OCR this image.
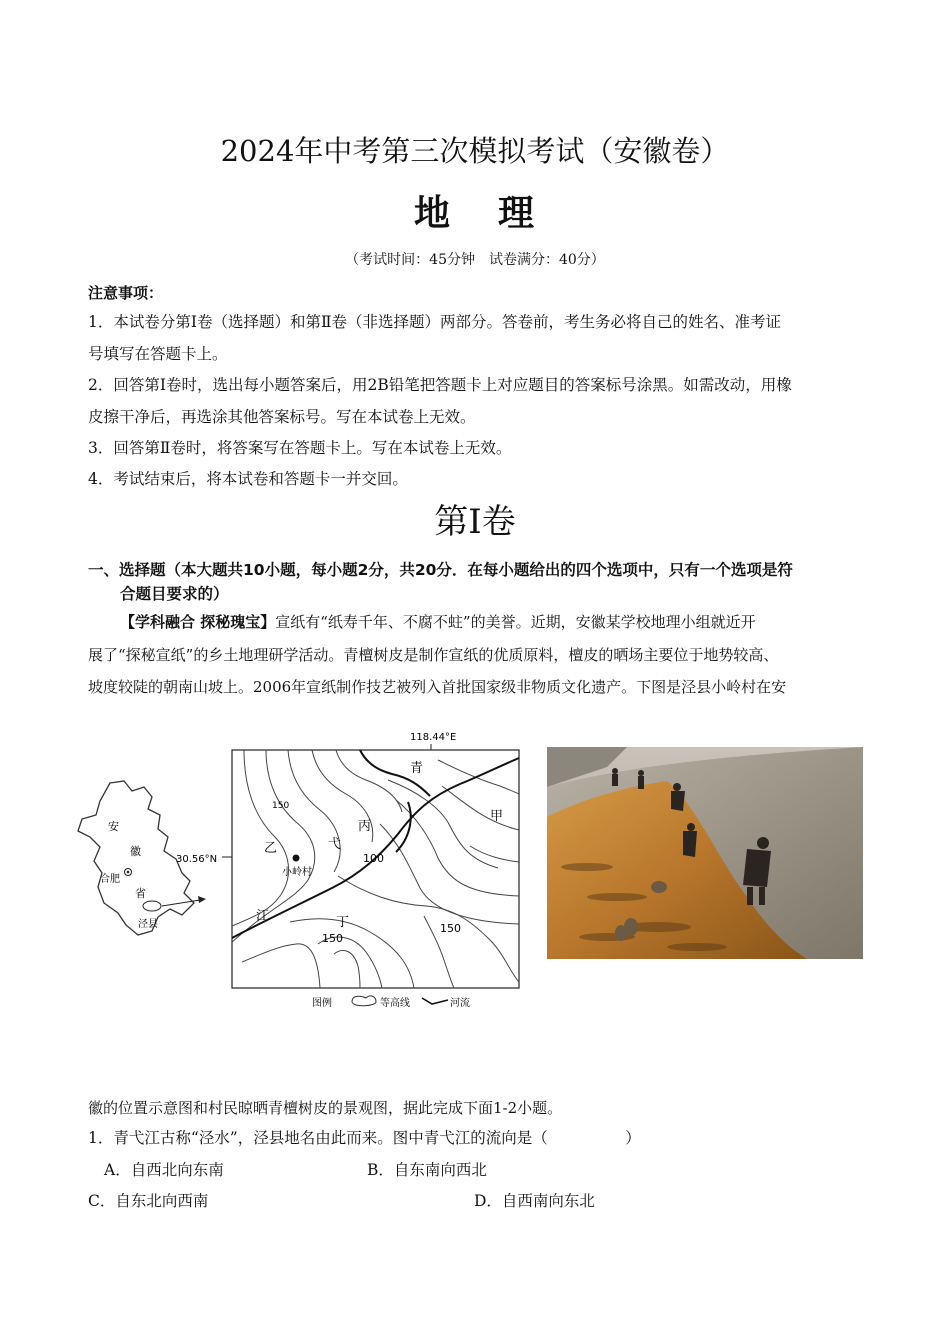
2024年中考第三次模拟考试（安徽卷）
地 理
（考试时间：45分钟　试卷满分：40分）
注意事项：
1．本试卷分第Ⅰ卷（选择题）和第Ⅱ卷（非选择题）两部分。答卷前，考生务必将自己的姓名、准考证
号填写在答题卡上。
2．回答第Ⅰ卷时，选出每小题答案后，用2B铅笔把答题卡上对应题目的答案标号涂黑。如需改动，用橡
皮擦干净后，再选涂其他答案标号。写在本试卷上无效。
3．回答第Ⅱ卷时，将答案写在答题卡上。写在本试卷上无效。
4．考试结束后，将本试卷和答题卡一并交回。
第Ⅰ卷
一、选择题（本大题共10小题，每小题2分，共20分．在每小题给出的四个选项中，只有一个选项是符
合题目要求的）
【学科融合 探秘瑰宝】宣纸有“纸寿千年、不腐不蛀”的美誉。近期，安徽某学校地理小组就近开
展了“探秘宣纸”的乡土地理研学活动。青檀树皮是制作宣纸的优质原料，檀皮的晒场主要位于地势较高、
坡度较陡的朝南山坡上。2006年宣纸制作技艺被列入首批国家级非物质文化遗产。下图是泾县小岭村在安
安
徽
合肥
省
泾县
118.44°E
30.56°N
小岭村
青
丙
甲
乙	弋
江	丁
150
100
150
150
图例	等高线	河流
徽的位置示意图和村民晾晒青檀树皮的景观图，据此完成下面1-2小题。
1．青弋江古称“泾水”，泾县地名由此而来。图中青弋江的流向是（　　　　　）
A．自西北向东南	B．自东南向西北
C．自东北向西南	D．自西南向东北
